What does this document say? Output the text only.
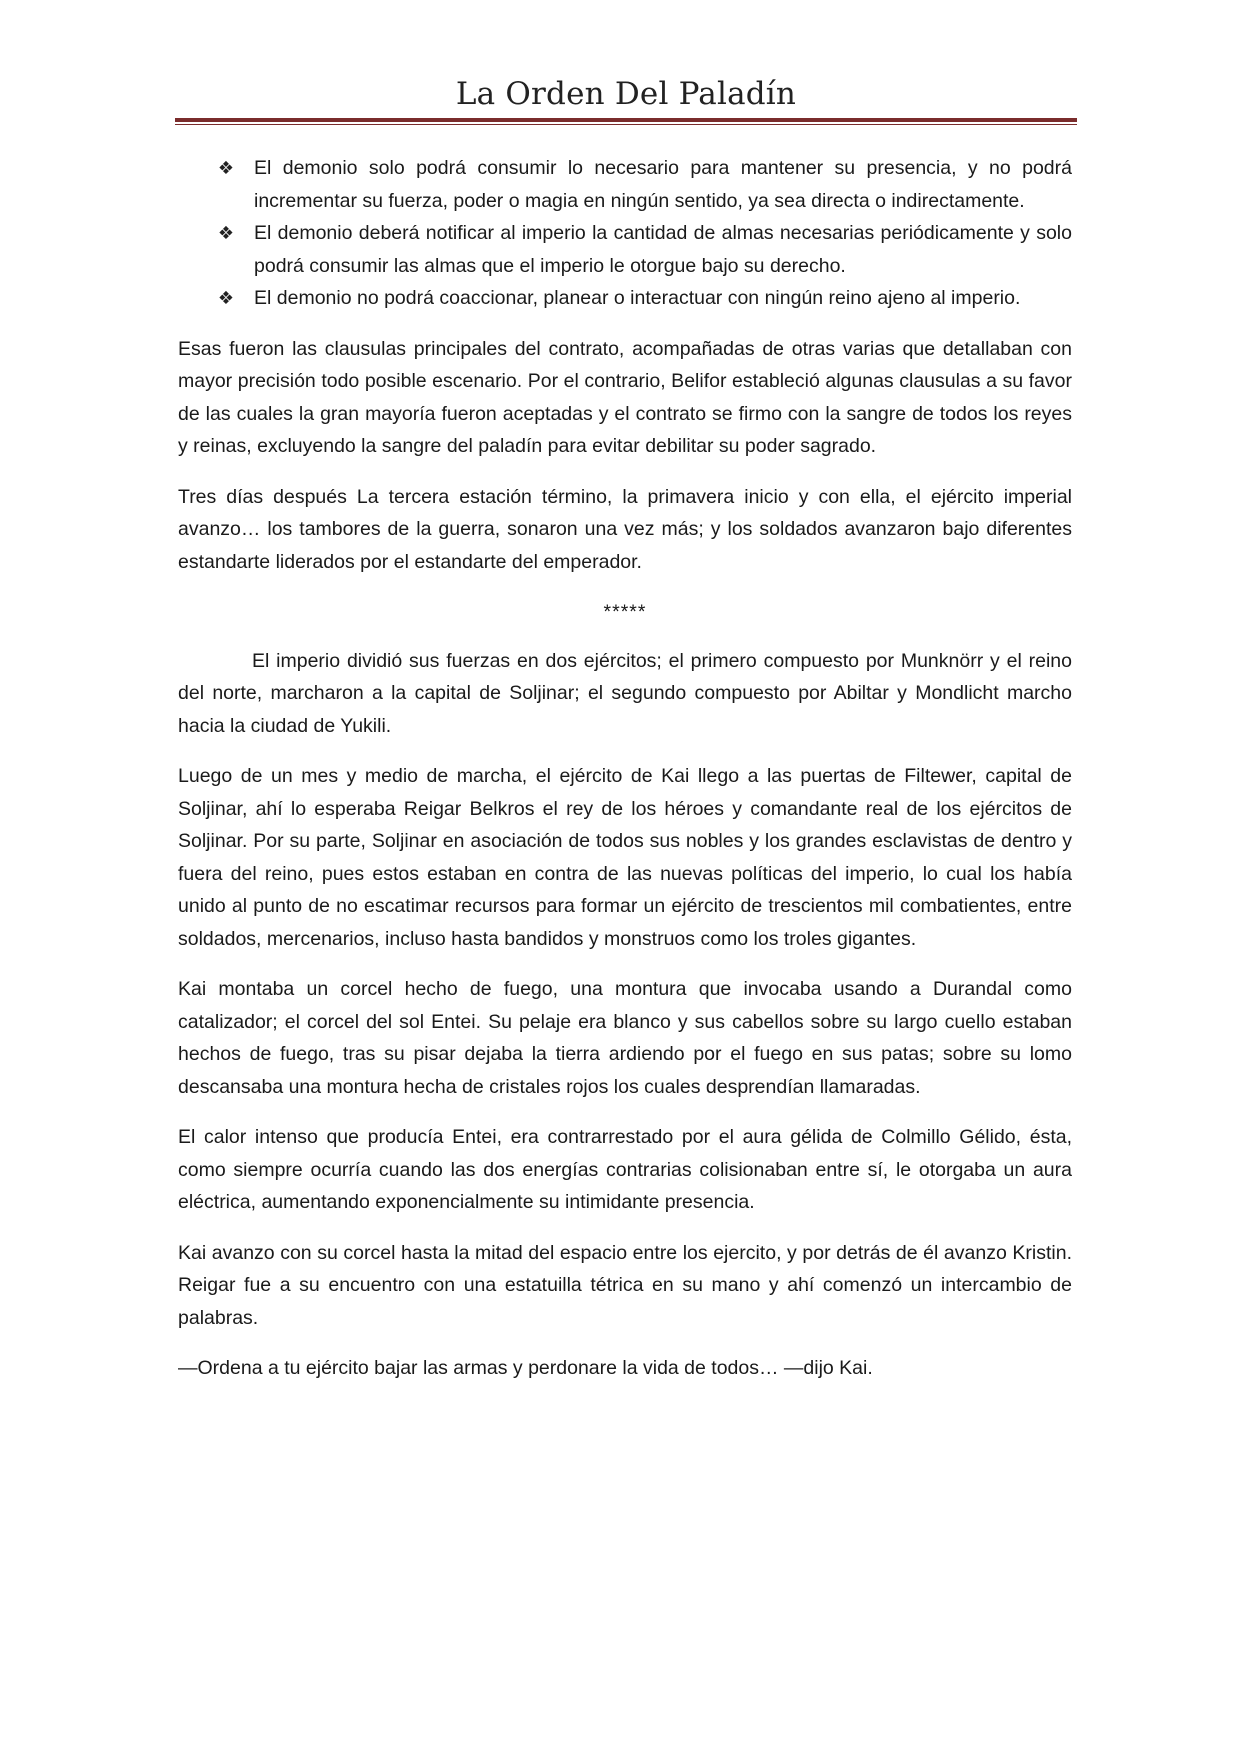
La Orden Del Paladín
❖ El demonio solo podrá consumir lo necesario para mantener su presencia, y no podrá incrementar su fuerza, poder o magia en ningún sentido, ya sea directa o indirectamente.
❖ El demonio deberá notificar al imperio la cantidad de almas necesarias periódicamente y solo podrá consumir las almas que el imperio le otorgue bajo su derecho.
❖ El demonio no podrá coaccionar, planear o interactuar con ningún reino ajeno al imperio.

Esas fueron las clausulas principales del contrato, acompañadas de otras varias que detallaban con mayor precisión todo posible escenario. Por el contrario, Belifor estableció algunas clausulas a su favor de las cuales la gran mayoría fueron aceptadas y el contrato se firmo con la sangre de todos los reyes y reinas, excluyendo la sangre del paladín para evitar debilitar su poder sagrado.

Tres días después La tercera estación término, la primavera inicio y con ella, el ejército imperial avanzo… los tambores de la guerra, sonaron una vez más; y los soldados avanzaron bajo diferentes estandarte liderados por el estandarte del emperador.

*****

El imperio dividió sus fuerzas en dos ejércitos; el primero compuesto por Munknörr y el reino del norte, marcharon a la capital de Soljinar; el segundo compuesto por Abiltar y Mondlicht marcho hacia la ciudad de Yukili.

Luego de un mes y medio de marcha, el ejército de Kai llego a las puertas de Filtewer, capital de Soljinar, ahí lo esperaba Reigar Belkros el rey de los héroes y comandante real de los ejércitos de Soljinar. Por su parte, Soljinar en asociación de todos sus nobles y los grandes esclavistas de dentro y fuera del reino, pues estos estaban en contra de las nuevas políticas del imperio, lo cual los había unido al punto de no escatimar recursos para formar un ejército de trescientos mil combatientes, entre soldados, mercenarios, incluso hasta bandidos y monstruos como los troles gigantes.

Kai montaba un corcel hecho de fuego, una montura que invocaba usando a Durandal como catalizador; el corcel del sol Entei. Su pelaje era blanco y sus cabellos sobre su largo cuello estaban hechos de fuego, tras su pisar dejaba la tierra ardiendo por el fuego en sus patas; sobre su lomo descansaba una montura hecha de cristales rojos los cuales desprendían llamaradas.

El calor intenso que producía Entei, era contrarrestado por el aura gélida de Colmillo Gélido, ésta, como siempre ocurría cuando las dos energías contrarias colisionaban entre sí, le otorgaba un aura eléctrica, aumentando exponencialmente su intimidante presencia.

Kai avanzo con su corcel hasta la mitad del espacio entre los ejercito, y por detrás de él avanzo Kristin. Reigar fue a su encuentro con una estatuilla tétrica en su mano y ahí comenzó un intercambio de palabras.

—Ordena a tu ejército bajar las armas y perdonare la vida de todos… —dijo Kai.
